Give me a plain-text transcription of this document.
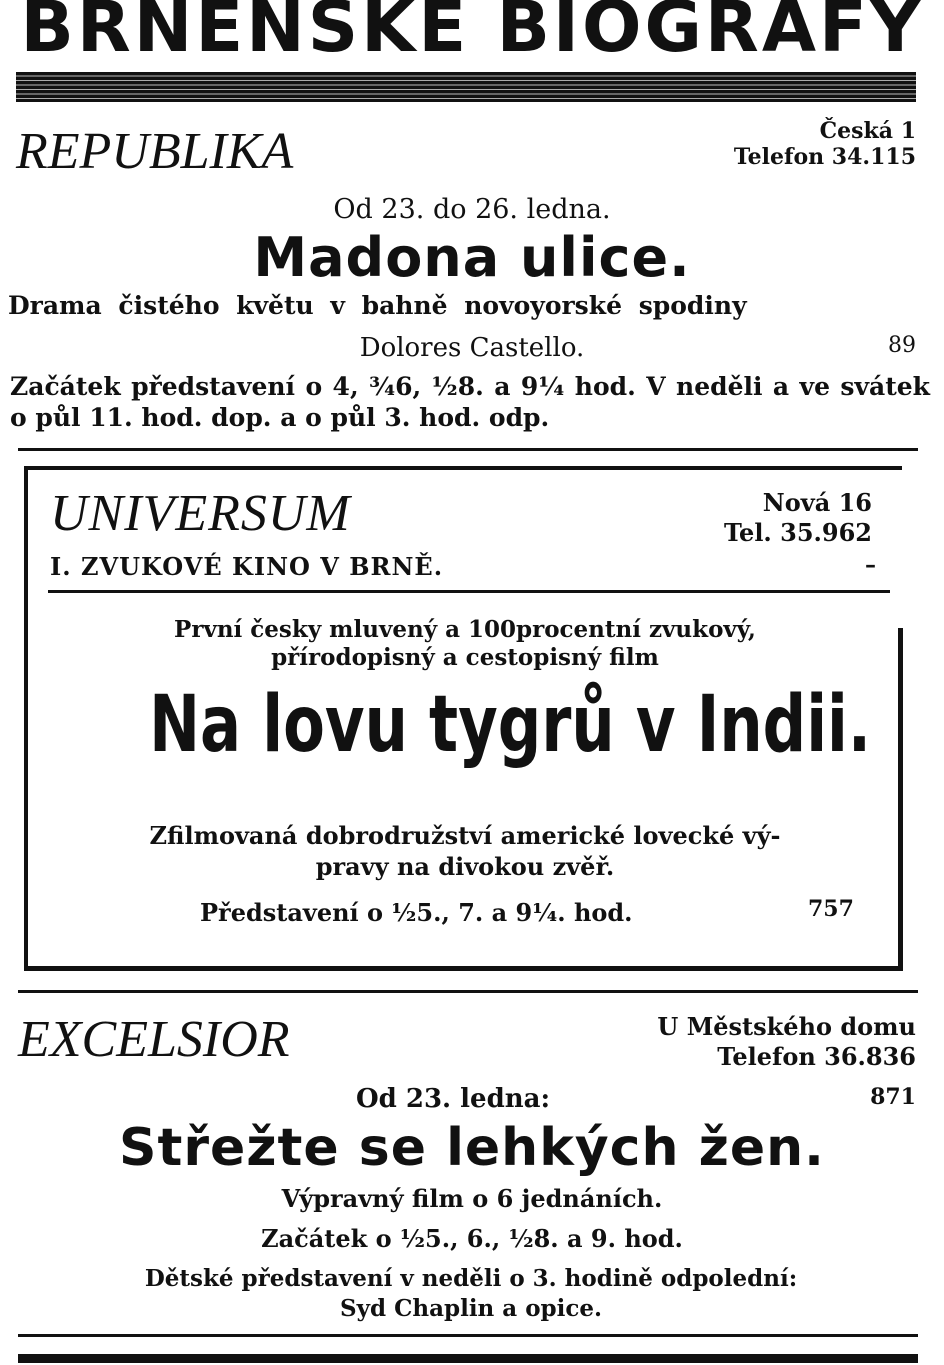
BRNENSKE BIOGRAFY
REPUBLIKA	Česká 1
Telefon 34.115
Od 23. do 26. ledna.
Madona ulice.
Drama čistého květu v bahně novoyorské spodiny
Dolores Castello.	89
Začátek představení o 4, ¾6, ½8. a 9¼ hod. V neděli a ve svátek o půl 11. hod. dop. a o půl 3. hod. odp.
UNIVERSUM
I. ZVUKOVÉ KINO V BRNĚ.
Nová 16
Tel. 35.962
–
První česky mluvený a 100procentní zvukový,
přírodopisný a cestopisný film
Na lovu tygrů v Indii.
Zfilmovaná dobrodružství americké lovecké vý-
pravy na divokou zvěř.
Představení o ½5., 7. a 9¼. hod.	757
EXCELSIOR	U Městského domu
Telefon 36.836
Od 23. ledna:	871
Střežte se lehkých žen.
Výpravný film o 6 jednáních.
Začátek o ½5., 6., ½8. a 9. hod.
Dětské představení v neděli o 3. hodině odpolední:
Syd Chaplin a opice.
